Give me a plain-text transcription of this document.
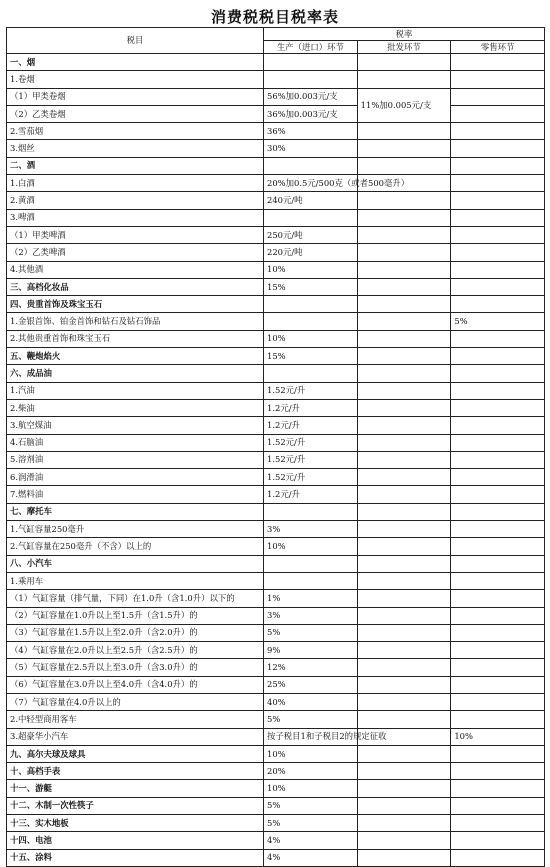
消费税税目税率表
税目	税率		
	生产（进口）环节	批发环节	零售环节
一、烟			
1.卷烟			
（1）甲类卷烟	56%加0.003元/支	11%加0.005元/支	
（2）乙类卷烟	36%加0.003元/支		
2.雪茄烟	36%		
3.烟丝	30%		
二、酒			
1.白酒	20%加0.5元/500克（或者500毫升）		
2.黄酒	240元/吨		
3.啤酒			
（1）甲类啤酒	250元/吨		
（2）乙类啤酒	220元/吨		
4.其他酒	10%		
三、高档化妆品	15%		
四、贵重首饰及珠宝玉石			
1.金银首饰、铂金首饰和钻石及钻石饰品			5%
2.其他贵重首饰和珠宝玉石	10%		
五、鞭炮焰火	15%		
六、成品油			
1.汽油	1.52元/升		
2.柴油	1.2元/升		
3.航空煤油	1.2元/升		
4.石脑油	1.52元/升		
5.溶剂油	1.52元/升		
6.润滑油	1.52元/升		
7.燃料油	1.2元/升		
七、摩托车			
1.气缸容量250毫升	3%		
2.气缸容量在250毫升（不含）以上的	10%		
八、小汽车			
1.乘用车			
（1）气缸容量（排气量，下同）在1.0升（含1.0升）以下的	1%		
（2）气缸容量在1.0升以上至1.5升（含1.5升）的	3%		
（3）气缸容量在1.5升以上至2.0升（含2.0升）的	5%		
（4）气缸容量在2.0升以上至2.5升（含2.5升）的	9%		
（5）气缸容量在2.5升以上至3.0升（含3.0升）的	12%		
（6）气缸容量在3.0升以上至4.0升（含4.0升）的	25%		
（7）气缸容量在4.0升以上的	40%		
2.中轻型商用客车	5%		
3.超豪华小汽车	按子税目1和子税目2的规定征收		10%
九、高尔夫球及球具	10%		
十、高档手表	20%		
十一、游艇	10%		
十二、木制一次性筷子	5%		
十三、实木地板	5%		
十四、电池	4%		
十五、涂料	4%		
